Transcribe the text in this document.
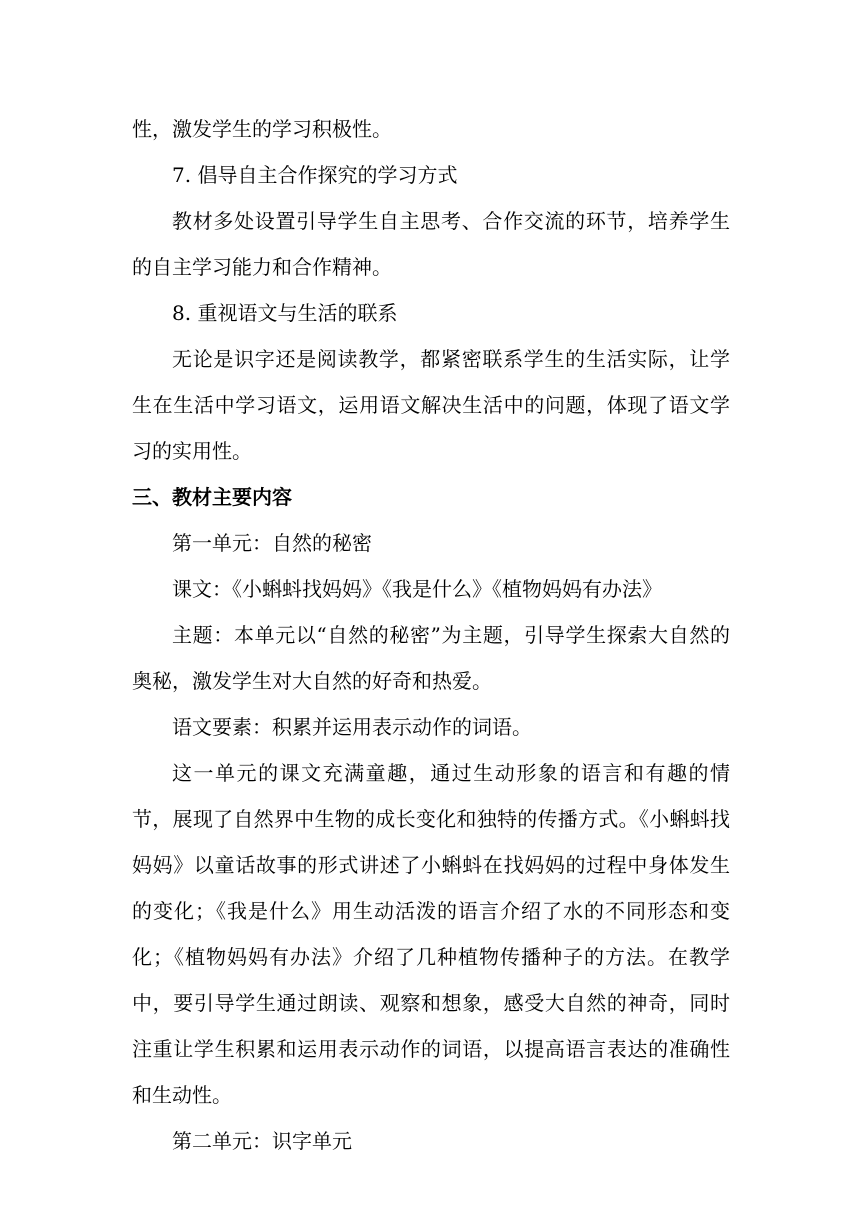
性，激发学生的学习积极性。

7. 倡导自主合作探究的学习方式

教材多处设置引导学生自主思考、合作交流的环节，培养学生的自主学习能力和合作精神。

8. 重视语文与生活的联系

无论是识字还是阅读教学，都紧密联系学生的生活实际，让学生在生活中学习语文，运用语文解决生活中的问题，体现了语文学习的实用性。

三、教材主要内容

第一单元：自然的秘密

课文：《小蝌蚪找妈妈》《我是什么》《植物妈妈有办法》

主题：本单元以“自然的秘密”为主题，引导学生探索大自然的奥秘，激发学生对大自然的好奇和热爱。

语文要素：积累并运用表示动作的词语。

这一单元的课文充满童趣，通过生动形象的语言和有趣的情节，展现了自然界中生物的成长变化和独特的传播方式。《小蝌蚪找妈妈》以童话故事的形式讲述了小蝌蚪在找妈妈的过程中身体发生的变化；《我是什么》用生动活泼的语言介绍了水的不同形态和变化；《植物妈妈有办法》介绍了几种植物传播种子的方法。在教学中，要引导学生通过朗读、观察和想象，感受大自然的神奇，同时注重让学生积累和运用表示动作的词语，以提高语言表达的准确性和生动性。

第二单元：识字单元
